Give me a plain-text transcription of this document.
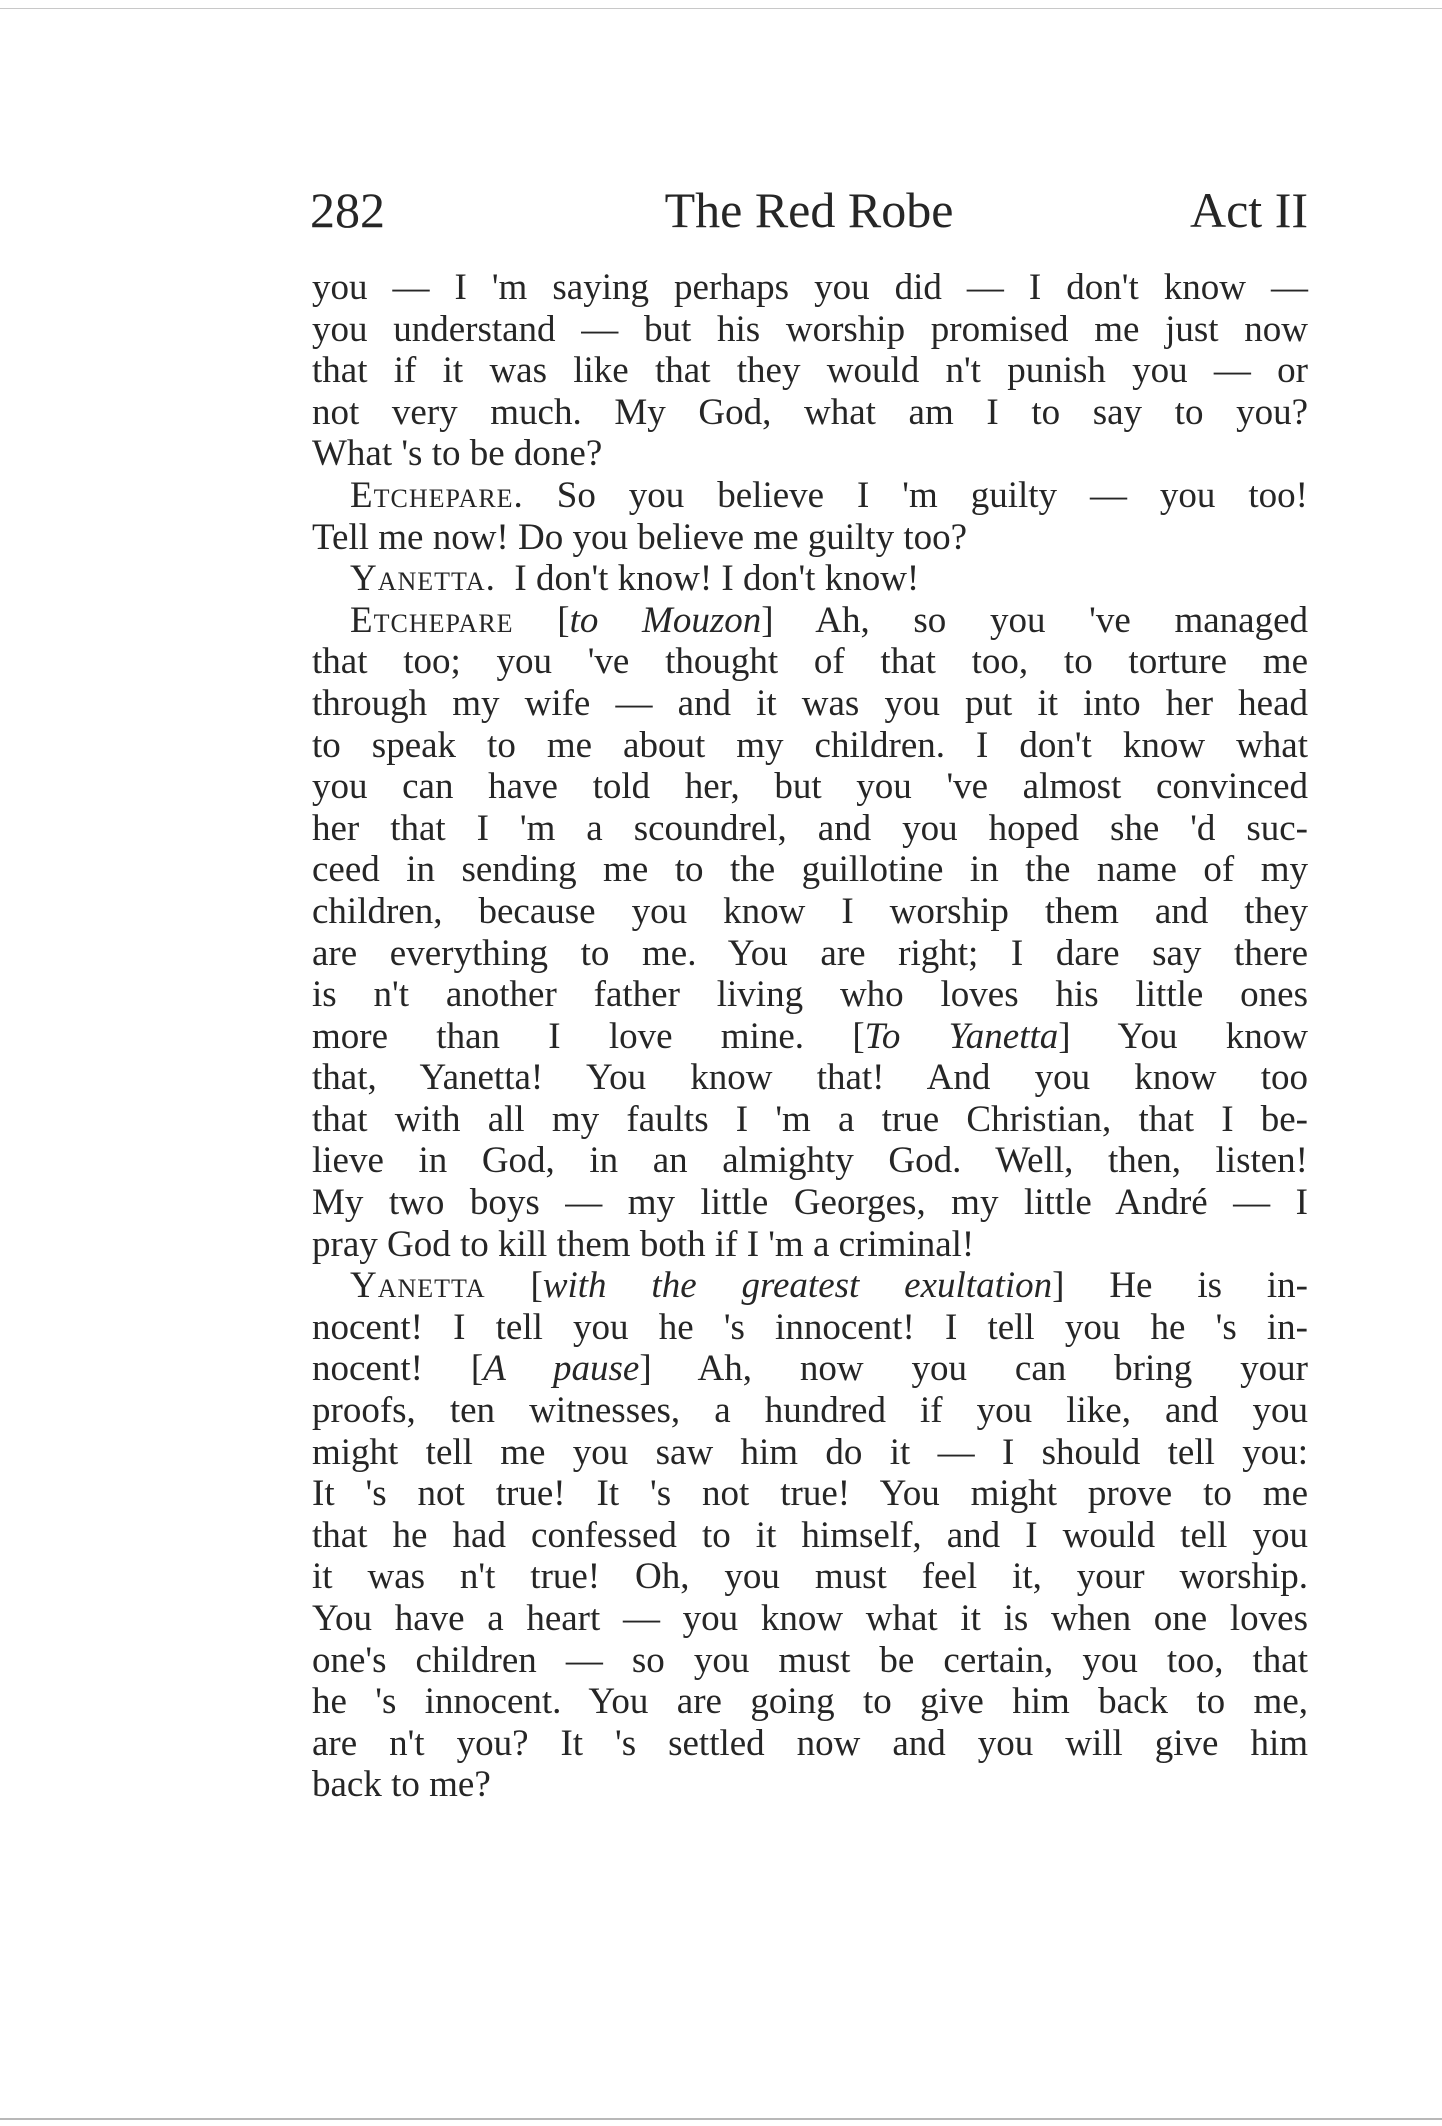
282	The Red Robe	Act II
you — I 'm saying perhaps you did — I don't know —
you understand — but his worship promised me just now
that if it was like that they would n't punish you — or
not very much. My God, what am I to say to you?
What 's to be done?
Etchepare. So you believe I 'm guilty — you too!
Tell me now! Do you believe me guilty too?
Yanetta. I don't know! I don't know!
Etchepare [to Mouzon] Ah, so you 've managed
that too; you 've thought of that too, to torture me
through my wife — and it was you put it into her head
to speak to me about my children. I don't know what
you can have told her, but you 've almost convinced
her that I 'm a scoundrel, and you hoped she 'd suc-
ceed in sending me to the guillotine in the name of my
children, because you know I worship them and they
are everything to me. You are right; I dare say there
is n't another father living who loves his little ones
more than I love mine. [To Yanetta] You know
that, Yanetta! You know that! And you know too
that with all my faults I 'm a true Christian, that I be-
lieve in God, in an almighty God. Well, then, listen!
My two boys — my little Georges, my little André — I
pray God to kill them both if I 'm a criminal!
Yanetta [with the greatest exultation] He is in-
nocent! I tell you he 's innocent! I tell you he 's in-
nocent! [A pause] Ah, now you can bring your
proofs, ten witnesses, a hundred if you like, and you
might tell me you saw him do it — I should tell you:
It 's not true! It 's not true! You might prove to me
that he had confessed to it himself, and I would tell you
it was n't true! Oh, you must feel it, your worship.
You have a heart — you know what it is when one loves
one's children — so you must be certain, you too, that
he 's innocent. You are going to give him back to me,
are n't you? It 's settled now and you will give him
back to me?
